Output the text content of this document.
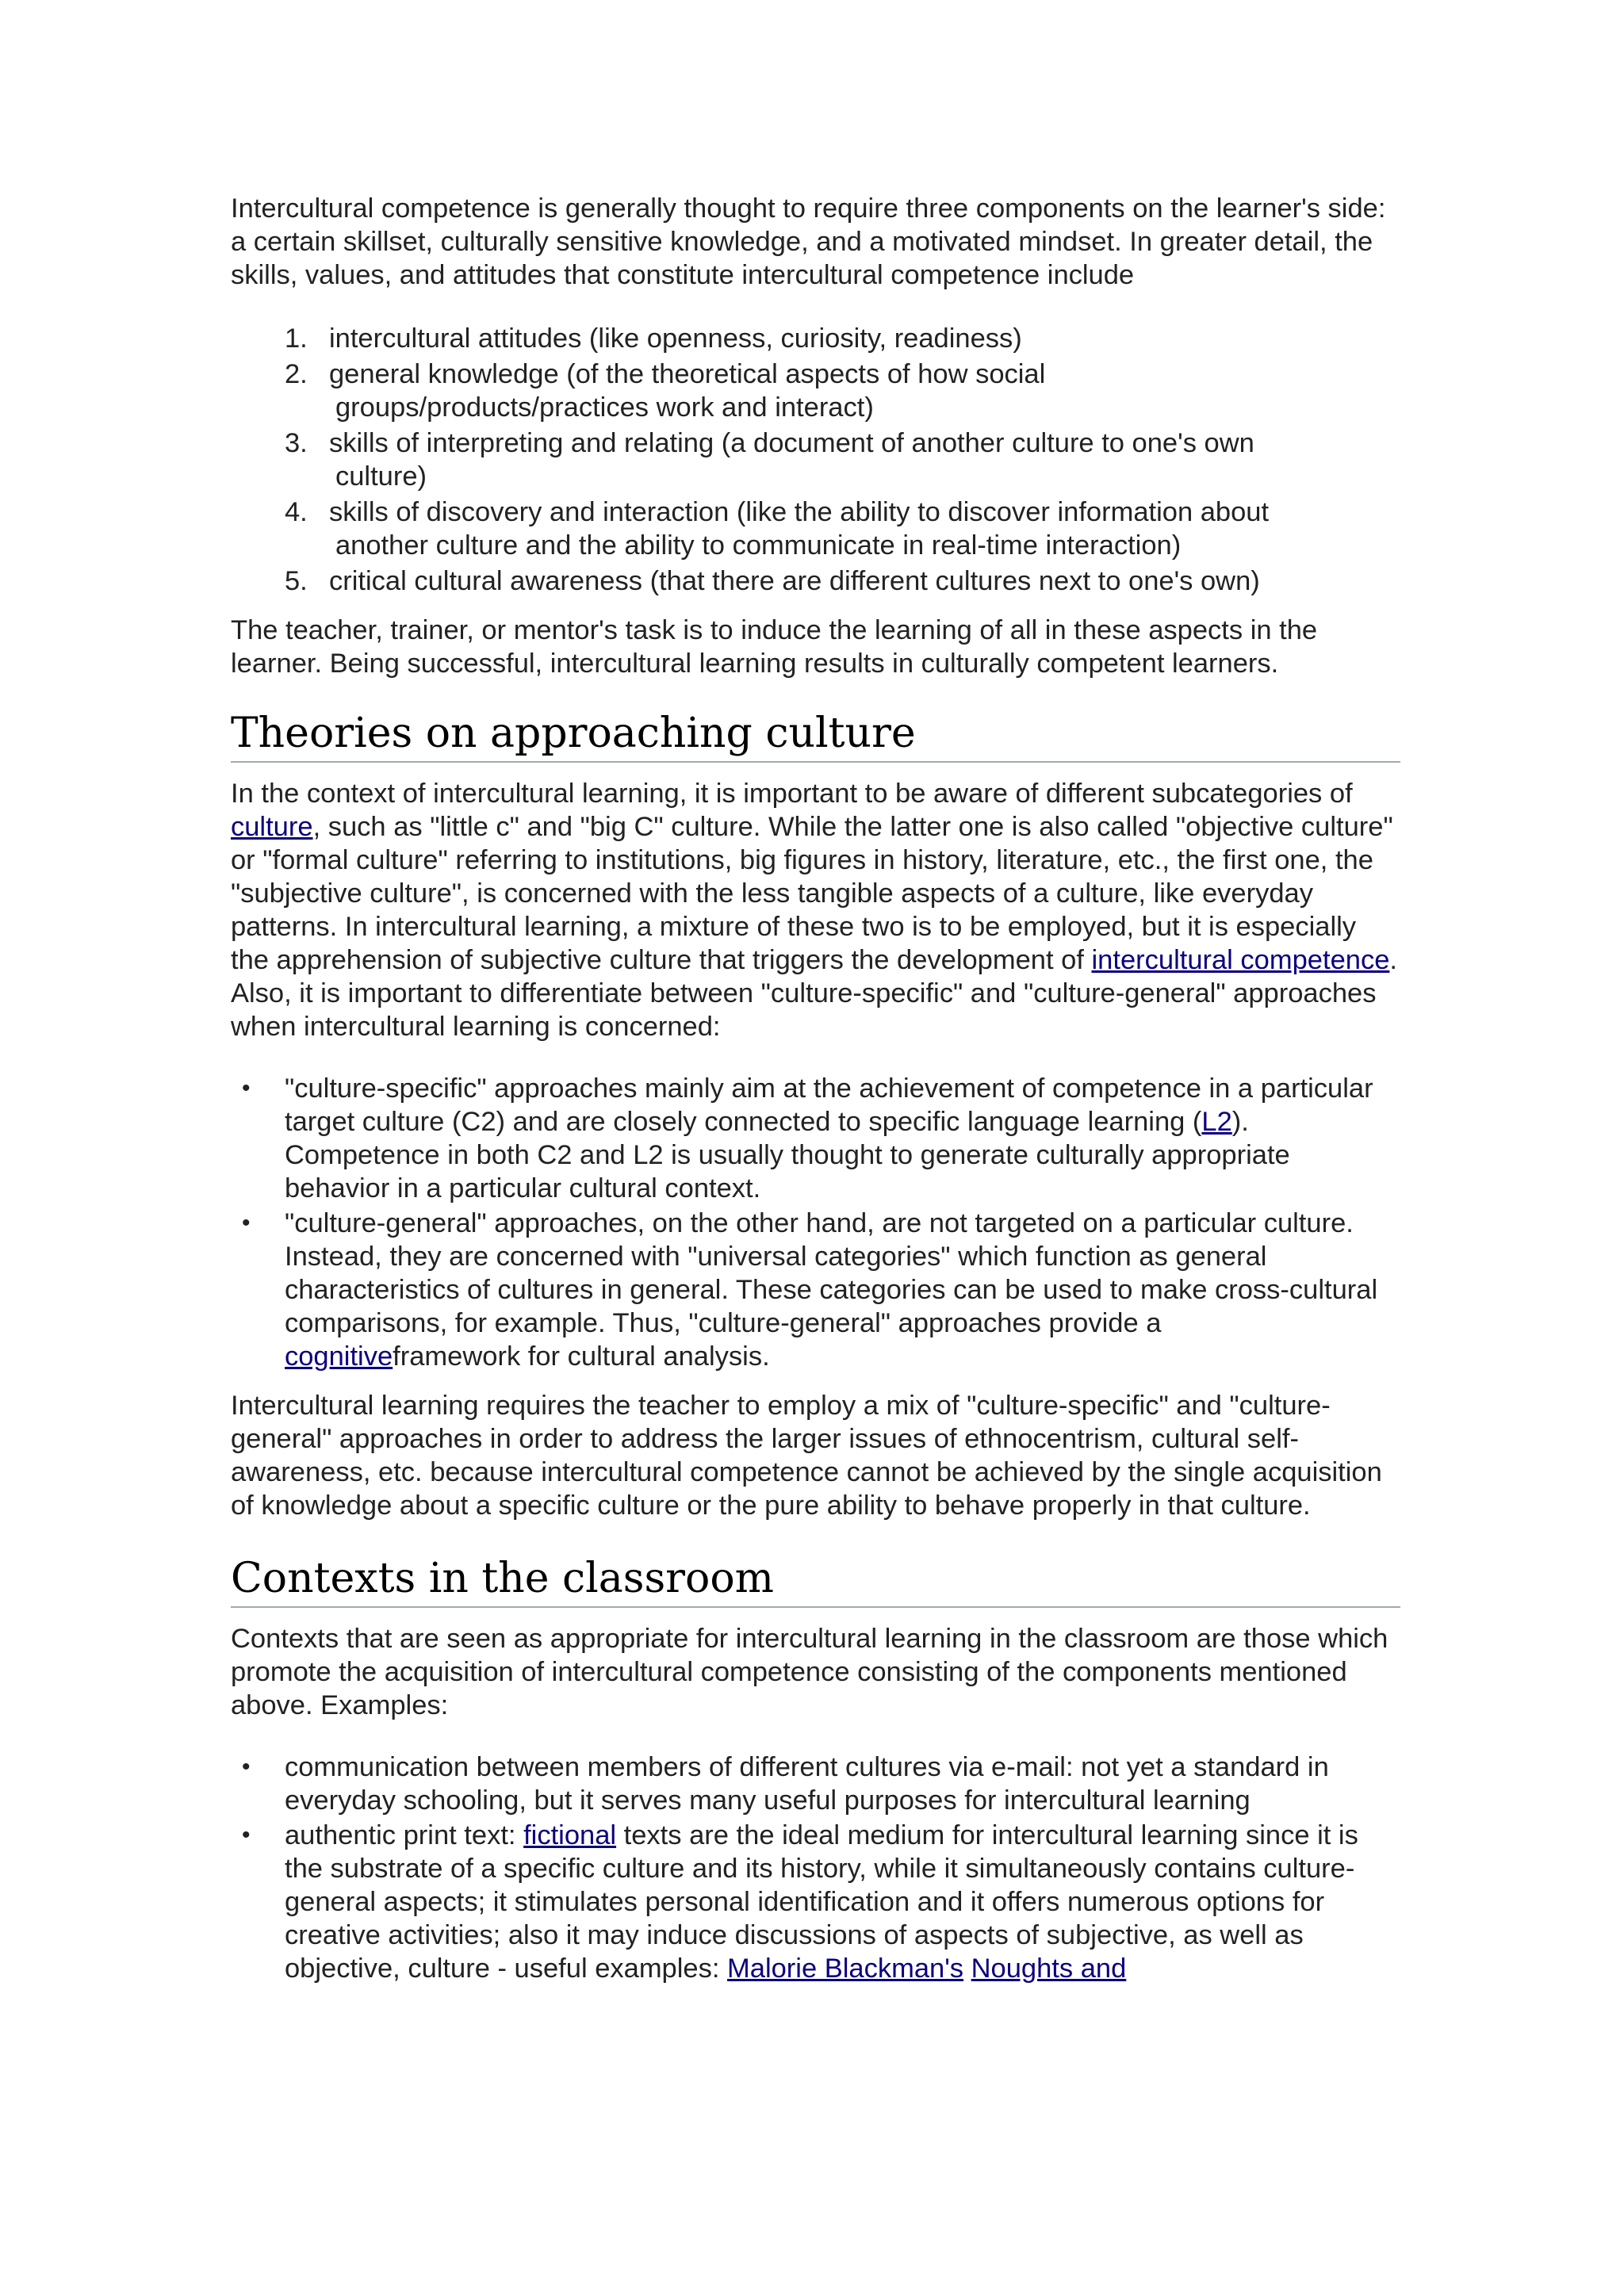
Intercultural competence is generally thought to require three components on the learner's side: a certain skillset, culturally sensitive knowledge, and a motivated mindset. In greater detail, the skills, values, and attitudes that constitute intercultural competence include

1. intercultural attitudes (like openness, curiosity, readiness)
2. general knowledge (of the theoretical aspects of how social
groups/products/practices work and interact)
3. skills of interpreting and relating (a document of another culture to one's own
culture)
4. skills of discovery and interaction (like the ability to discover information about
another culture and the ability to communicate in real-time interaction)
5. critical cultural awareness (that there are different cultures next to one's own)

The teacher, trainer, or mentor's task is to induce the learning of all in these aspects in the learner. Being successful, intercultural learning results in culturally competent learners.

Theories on approaching culture

In the context of intercultural learning, it is important to be aware of different subcategories of culture, such as "little c" and "big C" culture. While the latter one is also called "objective culture" or "formal culture" referring to institutions, big figures in history, literature, etc., the first one, the "subjective culture", is concerned with the less tangible aspects of a culture, like everyday patterns. In intercultural learning, a mixture of these two is to be employed, but it is especially the apprehension of subjective culture that triggers the development of intercultural competence.

Also, it is important to differentiate between "culture-specific" and "culture-general" approaches when intercultural learning is concerned:

• "culture-specific" approaches mainly aim at the achievement of competence in a particular target culture (C2) and are closely connected to specific language learning (L2). Competence in both C2 and L2 is usually thought to generate culturally appropriate behavior in a particular cultural context.
• "culture-general" approaches, on the other hand, are not targeted on a particular culture. Instead, they are concerned with "universal categories" which function as general characteristics of cultures in general. These categories can be used to make cross-cultural comparisons, for example. Thus, "culture-general" approaches provide a cognitiveframework for cultural analysis.

Intercultural learning requires the teacher to employ a mix of "culture-specific" and "culture-general" approaches in order to address the larger issues of ethnocentrism, cultural self-awareness, etc. because intercultural competence cannot be achieved by the single acquisition of knowledge about a specific culture or the pure ability to behave properly in that culture.

Contexts in the classroom

Contexts that are seen as appropriate for intercultural learning in the classroom are those which promote the acquisition of intercultural competence consisting of the components mentioned above. Examples:

• communication between members of different cultures via e-mail: not yet a standard in everyday schooling, but it serves many useful purposes for intercultural learning
• authentic print text: fictional texts are the ideal medium for intercultural learning since it is the substrate of a specific culture and its history, while it simultaneously contains culture-general aspects; it stimulates personal identification and it offers numerous options for creative activities; also it may induce discussions of aspects of subjective, as well as objective, culture - useful examples: Malorie Blackman's Noughts and
